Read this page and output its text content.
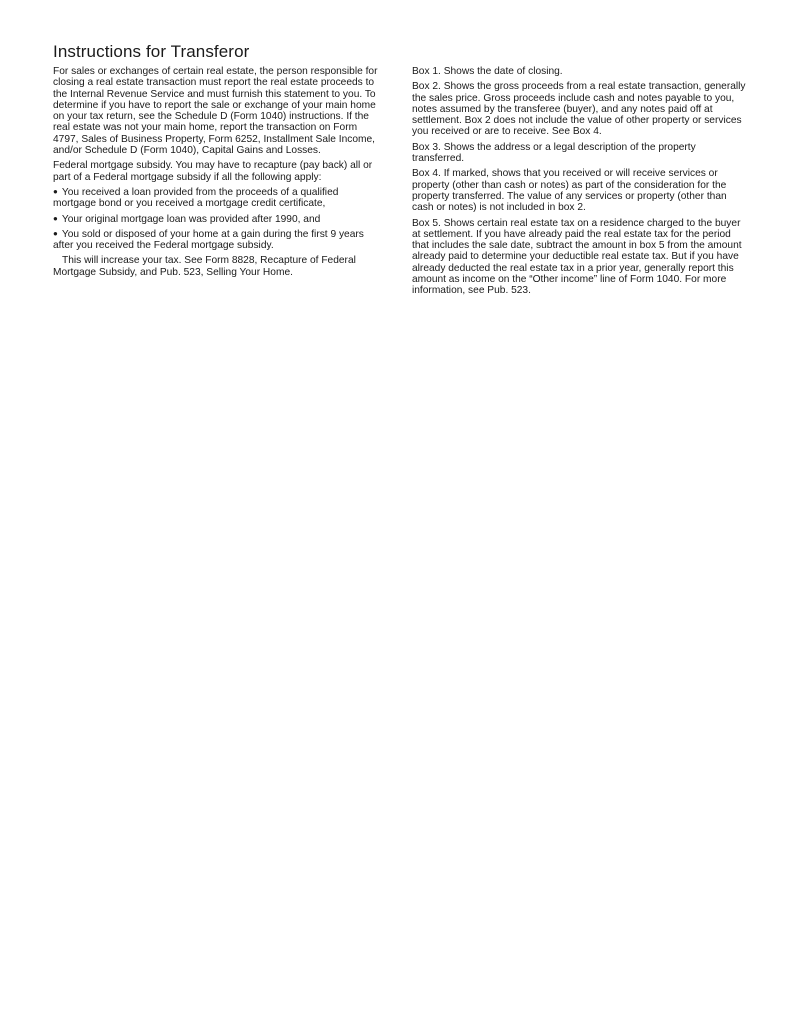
Instructions for Transferor

For sales or exchanges of certain real estate, the person responsible for closing a real estate transaction must report the real estate proceeds to the Internal Revenue Service and must furnish this statement to you. To determine if you have to report the sale or exchange of your main home on your tax return, see the Schedule D (Form 1040) instructions. If the real estate was not your main home, report the transaction on Form 4797, Sales of Business Property, Form 6252, Installment Sale Income, and/or Schedule D (Form 1040), Capital Gains and Losses.

Federal mortgage subsidy. You may have to recapture (pay back) all or part of a Federal mortgage subsidy if all the following apply:

● You received a loan provided from the proceeds of a qualified mortgage bond or you received a mortgage credit certificate,

● Your original mortgage loan was provided after 1990, and

● You sold or disposed of your home at a gain during the first 9 years after you received the Federal mortgage subsidy.

This will increase your tax. See Form 8828, Recapture of Federal Mortgage Subsidy, and Pub. 523, Selling Your Home.

Box 1. Shows the date of closing.

Box 2. Shows the gross proceeds from a real estate transaction, generally the sales price. Gross proceeds include cash and notes payable to you, notes assumed by the transferee (buyer), and any notes paid off at settlement. Box 2 does not include the value of other property or services you received or are to receive. See Box 4.

Box 3. Shows the address or a legal description of the property transferred.

Box 4. If marked, shows that you received or will receive services or property (other than cash or notes) as part of the consideration for the property transferred. The value of any services or property (other than cash or notes) is not included in box 2.

Box 5. Shows certain real estate tax on a residence charged to the buyer at settlement. If you have already paid the real estate tax for the period that includes the sale date, subtract the amount in box 5 from the amount already paid to determine your deductible real estate tax. But if you have already deducted the real estate tax in a prior year, generally report this amount as income on the “Other income” line of Form 1040. For more information, see Pub. 523.
